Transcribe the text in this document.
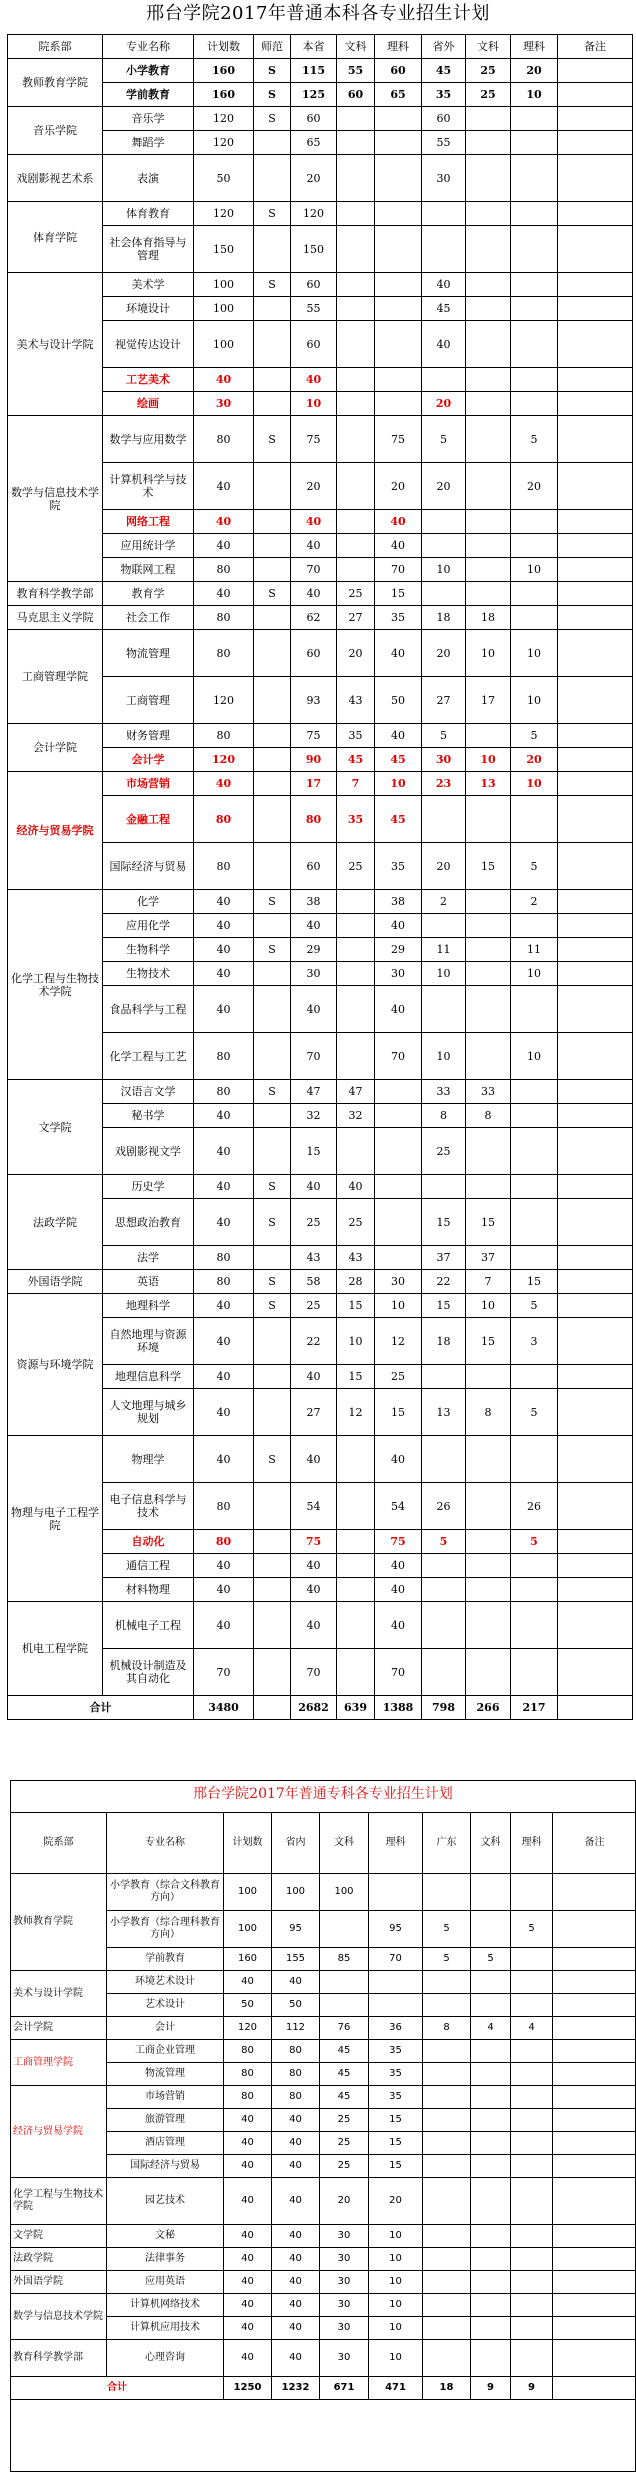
邢台学院2017年普通本科各专业招生计划
院系部	专业名称	计划数	师范	本省	文科	理科	省外	文科	理科	备注
教师教育学院	小学教育	160	S	115	55	60	45	25	20	
	学前教育	160	S	125	60	65	35	25	10	
音乐学院	音乐学	120	S	60			60			
	舞蹈学	120		65			55			
戏剧影视艺术系	表演	50		20			30			
体育学院	体育教育	120	S	120						
	社会体育指导与管理	150		150						
美术与设计学院	美术学	100	S	60			40			
	环境设计	100		55			45			
	视觉传达设计	100		60			40			
	工艺美术	40		40						
	绘画	30		10			20			
数学与信息技术学院	数学与应用数学	80	S	75		75	5		5	
	计算机科学与技术	40		20		20	20		20	
	网络工程	40		40		40				
	应用统计学	40		40		40				
	物联网工程	80		70		70	10		10	
教育科学教学部	教育学	40	S	40	25	15				
马克思主义学院	社会工作	80		62	27	35	18	18		
工商管理学院	物流管理	80		60	20	40	20	10	10	
	工商管理	120		93	43	50	27	17	10	
会计学院	财务管理	80		75	35	40	5		5	
	会计学	120		90	45	45	30	10	20	
经济与贸易学院	市场营销	40		17	7	10	23	13	10	
	金融工程	80		80	35	45				
	国际经济与贸易	80		60	25	35	20	15	5	
化学工程与生物技术学院	化学	40	S	38		38	2		2	
	应用化学	40		40		40				
	生物科学	40	S	29		29	11		11	
	生物技术	40		30		30	10		10	
	食品科学与工程	40		40		40				
	化学工程与工艺	80		70		70	10		10	
文学院	汉语言文学	80	S	47	47		33	33		
	秘书学	40		32	32		8	8		
	戏剧影视文学	40		15			25			
法政学院	历史学	40	S	40	40					
	思想政治教育	40	S	25	25		15	15		
	法学	80		43	43		37	37		
外国语学院	英语	80	S	58	28	30	22	7	15	
资源与环境学院	地理科学	40	S	25	15	10	15	10	5	
	自然地理与资源环境	40		22	10	12	18	15	3	
	地理信息科学	40		40	15	25				
	人文地理与城乡规划	40		27	12	15	13	8	5	
物理与电子工程学院	物理学	40	S	40		40				
	电子信息科学与技术	80		54		54	26		26	
	自动化	80		75		75	5		5	
	通信工程	40		40		40				
	材料物理	40		40		40				
机电工程学院	机械电子工程	40		40		40				
	机械设计制造及其自动化	70		70		70				
合计		3480		2682	639	1388	798	266	217	
邢台学院2017年普通专科各专业招生计划
院系部	专业名称	计划数	省内	文科	理科	广东	文科	理科	备注
教师教育学院	小学教育（综合文科教育方向）	100	100	100					
	小学教育（综合理科教育方向）	100	95		95	5		5	
	学前教育	160	155	85	70	5	5		
美术与设计学院	环境艺术设计	40	40						
	艺术设计	50	50						
会计学院	会计	120	112	76	36	8	4	4	
工商管理学院	工商企业管理	80	80	45	35				
	物流管理	80	80	45	35				
经济与贸易学院	市场营销	80	80	45	35				
	旅游管理	40	40	25	15				
	酒店管理	40	40	25	15				
	国际经济与贸易	40	40	25	15				
化学工程与生物技术学院	园艺技术	40	40	20	20				
文学院	文秘	40	40	30	10				
法政学院	法律事务	40	40	30	10				
外国语学院	应用英语	40	40	30	10				
数学与信息技术学院	计算机网络技术	40	40	30	10				
	计算机应用技术	40	40	30	10				
教育科学教学部	心理咨询	40	40	30	10				
合计		1250	1232	671	471	18	9	9	
